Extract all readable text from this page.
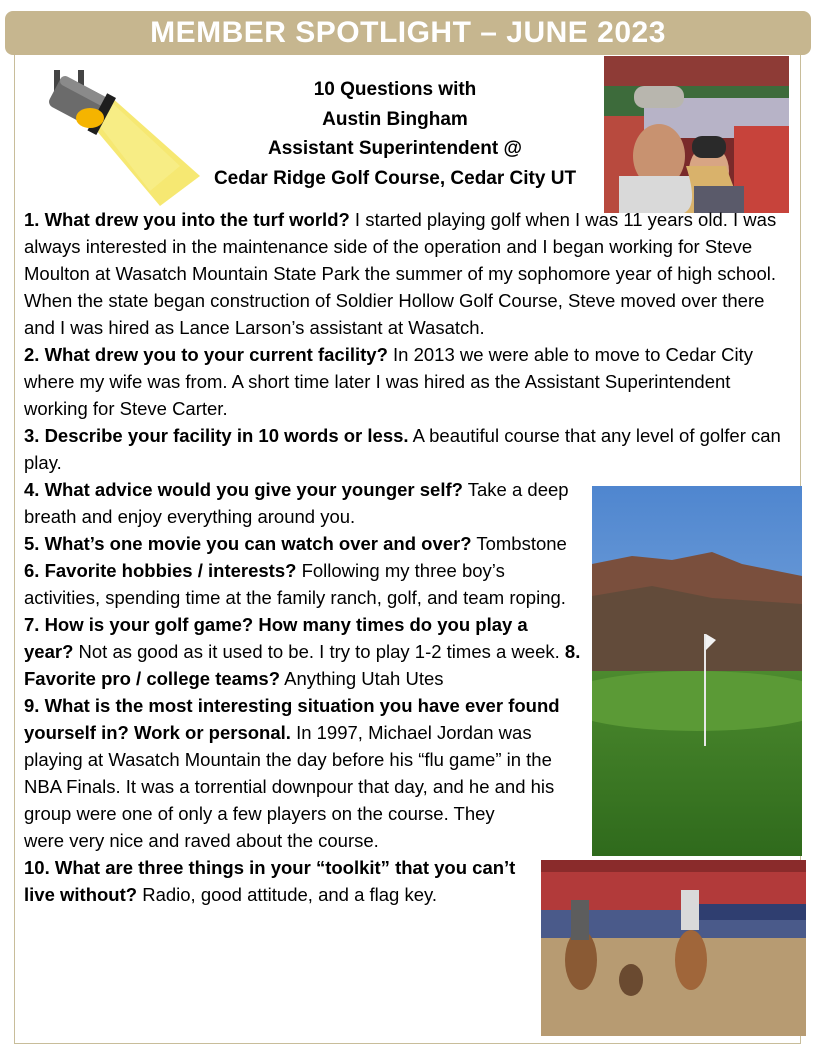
MEMBER SPOTLIGHT – JUNE 2023
10 Questions with
Austin Bingham
Assistant Superintendent @
Cedar Ridge Golf Course, Cedar City UT
1. What drew you into the turf world? I started playing golf when I was 11 years old. I was always interested in the maintenance side of the operation and I began working for Steve Moulton at Wasatch Mountain State Park the summer of my sophomore year of high school. When the state began construction of Soldier Hollow Golf Course, Steve moved over there and I was hired as Lance Larson’s assistant at Wasatch.
2. What drew you to your current facility? In 2013 we were able to move to Cedar City where my wife was from. A short time later I was hired as the Assistant Superintendent working for Steve Carter.
3. Describe your facility in 10 words or less. A beautiful course that any level of golfer can play.
4. What advice would you give your younger self? Take a deep breath and enjoy everything around you.
5. What’s one movie you can watch over and over? Tombstone
6. Favorite hobbies / interests? Following my three boy’s activities, spending time at the family ranch, golf, and team roping.
7. How is your golf game? How many times do you play a year? Not as good as it used to be. I try to play 1-2 times a week. 8. Favorite pro / college teams? Anything Utah Utes
9. What is the most interesting situation you have ever found yourself in? Work or personal. In 1997, Michael Jordan was playing at Wasatch Mountain the day before his “flu game” in the NBA Finals. It was a torrential downpour that day, and he and his group were one of only a few players on the course. They were very nice and raved about the course.
10. What are three things in your “toolkit” that you can’t live without? Radio, good attitude, and a flag key.
